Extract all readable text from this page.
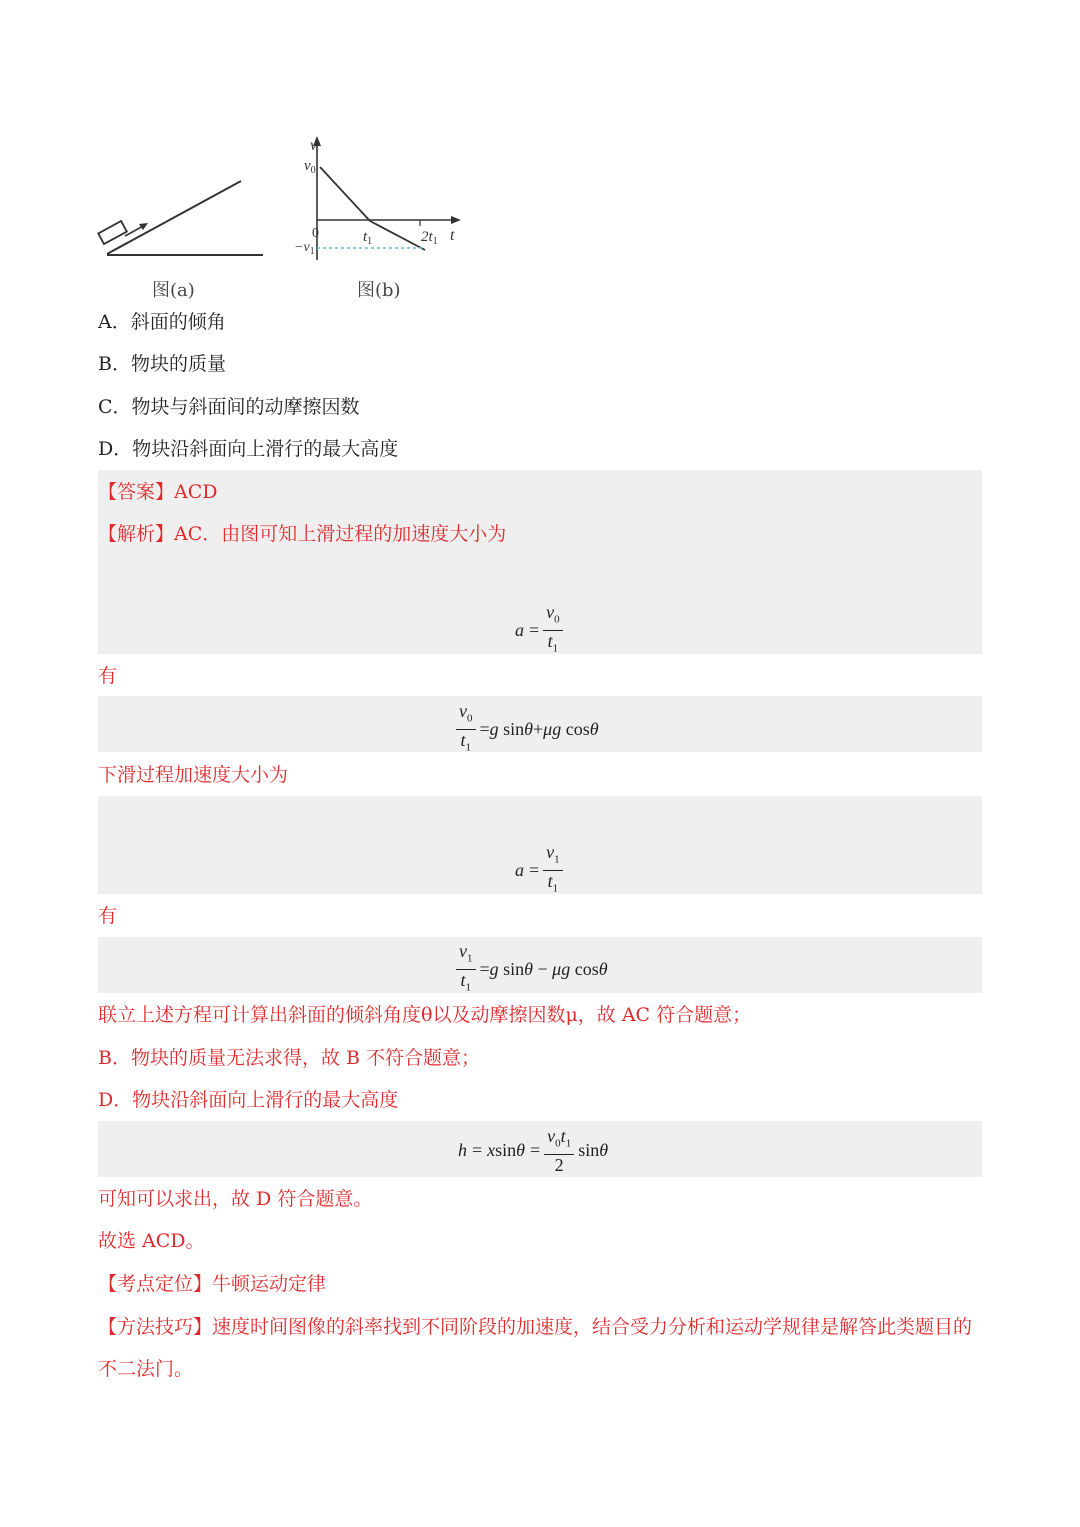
图(a)
v
$v_0$
0
$-v_1$
$t_1$	$2t_1$ t
图(b)
A．斜面的倾角
B．物块的质量
C．物块与斜面间的动摩擦因数
D．物块沿斜面向上滑行的最大高度
【答案】ACD
【解析】AC．由图可知上滑过程的加速度大小为
$a = \frac{v_0}{t_1}$
有
$\frac{v_0}{t_1} = g$ sin θ + μg cos θ
下滑过程加速度大小为
$a = \frac{v_1}{t_1}$
有
$\frac{v_1}{t_1} = g$ sin θ − μg cos θ
联立上述方程可计算出斜面的倾斜角度θ以及动摩擦因数μ，故 AC 符合题意；
B．物块的质量无法求得，故 B 不符合题意；
D．物块沿斜面向上滑行的最大高度
h = x $\sin \theta = \frac{v_0t_1}{2}$ sin θ
可知可以求出，故 D 符合题意。
故选 ACD。
【考点定位】牛顿运动定律
【方法技巧】速度时间图像的斜率找到不同阶段的加速度，结合受力分析和运动学规律是解答此类题目的
不二法门。
